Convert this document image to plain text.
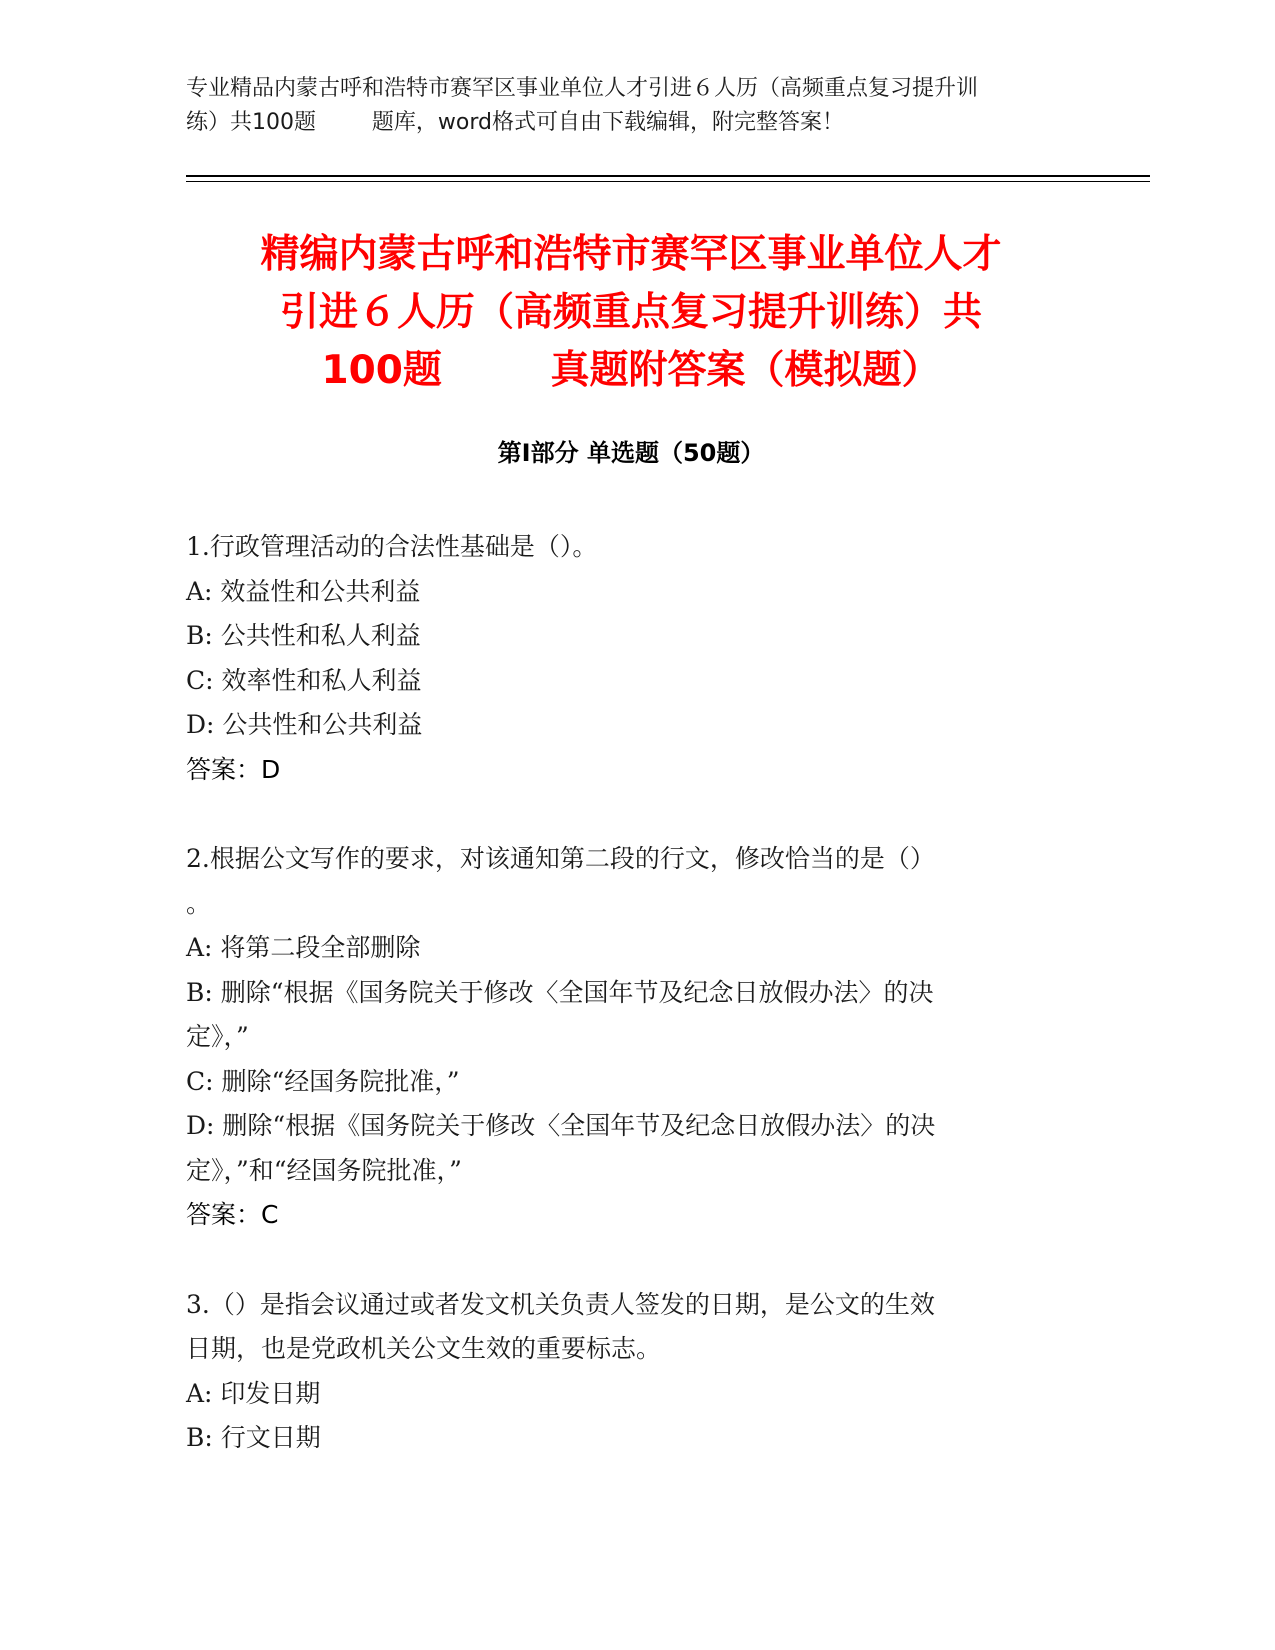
专业精品内蒙古呼和浩特市赛罕区事业单位人才引进６人历（高频重点复习提升训
练）共100题        题库，word格式可自由下载编辑，附完整答案！
精编内蒙古呼和浩特市赛罕区事业单位人才
引进６人历（高频重点复习提升训练）共
100题        真题附答案（模拟题）
第Ⅰ部分 单选题（50题）
1.行政管理活动的合法性基础是（）。
A: 效益性和公共利益
B: 公共性和私人利益
C: 效率性和私人利益
D: 公共性和公共利益
答案：D
2.根据公文写作的要求，对该通知第二段的行文，修改恰当的是（）
。
A: 将第二段全部删除
B: 删除“根据《国务院关于修改〈全国年节及纪念日放假办法〉的决
定》，”
C: 删除“经国务院批准，”
D: 删除“根据《国务院关于修改〈全国年节及纪念日放假办法〉的决
定》，”和“经国务院批准，”
答案：C
3.（）是指会议通过或者发文机关负责人签发的日期，是公文的生效
日期，也是党政机关公文生效的重要标志。
A: 印发日期
B: 行文日期
